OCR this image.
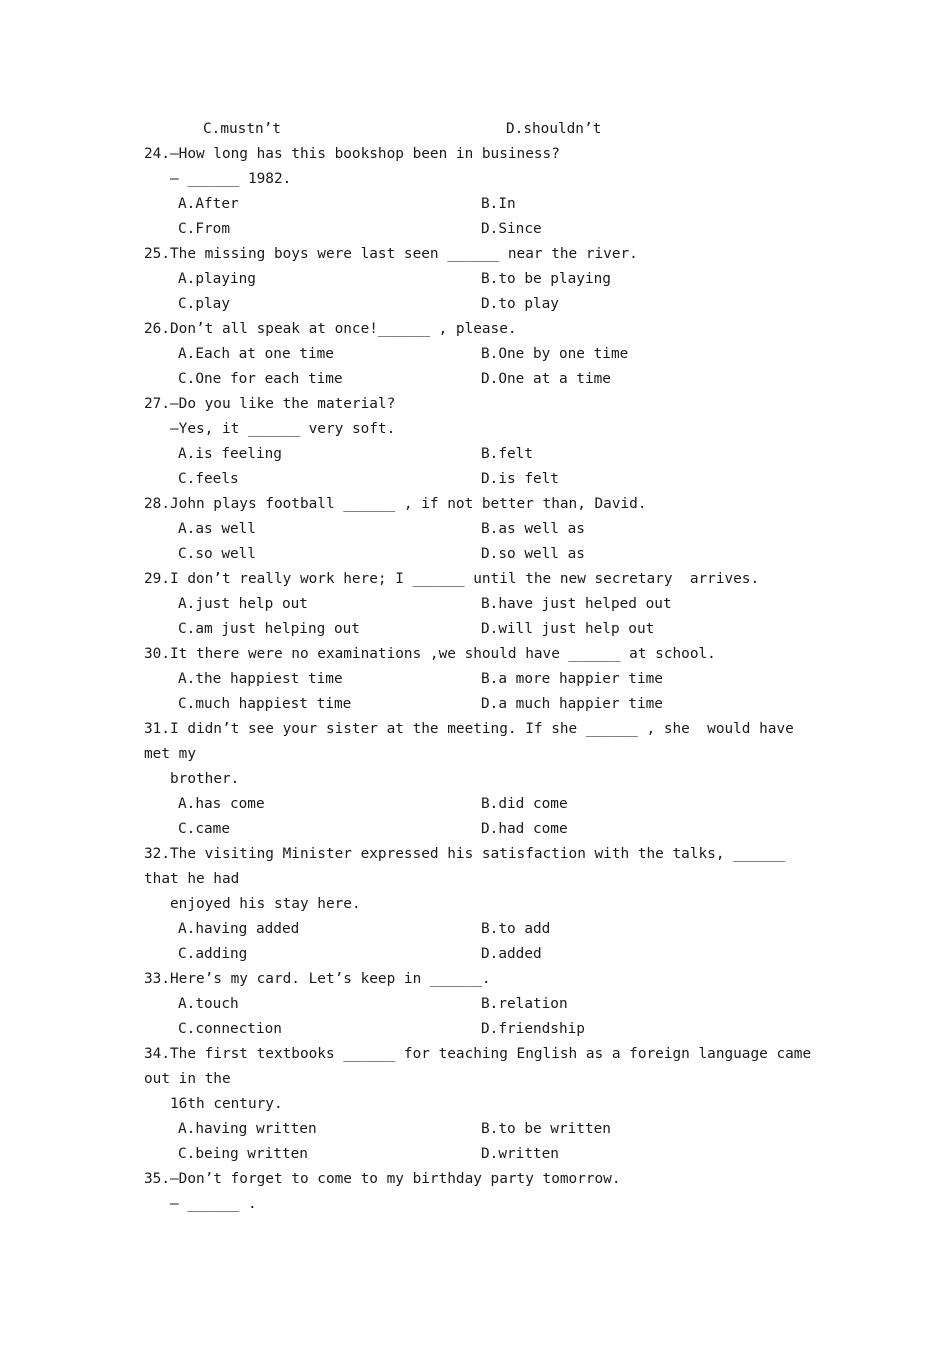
C.mustn’t	D.shouldn’t
24.—How long has this bookshop been in business?
— ______ 1982.
A.After	B.In
C.From	D.Since
25.The missing boys were last seen ______ near the river.
A.playing	B.to be playing
C.play	D.to play
26.Don’t all speak at once!______ , please.
A.Each at one time	B.One by one time
C.One for each time	D.One at a time
27.—Do you like the material?
—Yes, it ______ very soft.
A.is feeling	B.felt
C.feels	D.is felt
28.John plays football ______ , if not better than, David.
A.as well	B.as well as
C.so well	D.so well as
29.I don’t really work here; I ______ until the new secretary  arrives.
A.just help out	B.have just helped out
C.am just helping out	D.will just help out
30.It there were no examinations ,we should have ______ at school.
A.the happiest time	B.a more happier time
C.much happiest time	D.a much happier time
31.I didn’t see your sister at the meeting. If she ______ , she  would have
met my
brother.
A.has come	B.did come
C.came	D.had come
32.The visiting Minister expressed his satisfaction with the talks, ______
that he had
enjoyed his stay here.
A.having added	B.to add
C.adding	D.added
33.Here’s my card. Let’s keep in ______.
A.touch	B.relation
C.connection	D.friendship
34.The first textbooks ______ for teaching English as a foreign language came
out in the
16th century.
A.having written	B.to be written
C.being written	D.written
35.—Don’t forget to come to my birthday party tomorrow.
— ______ .
